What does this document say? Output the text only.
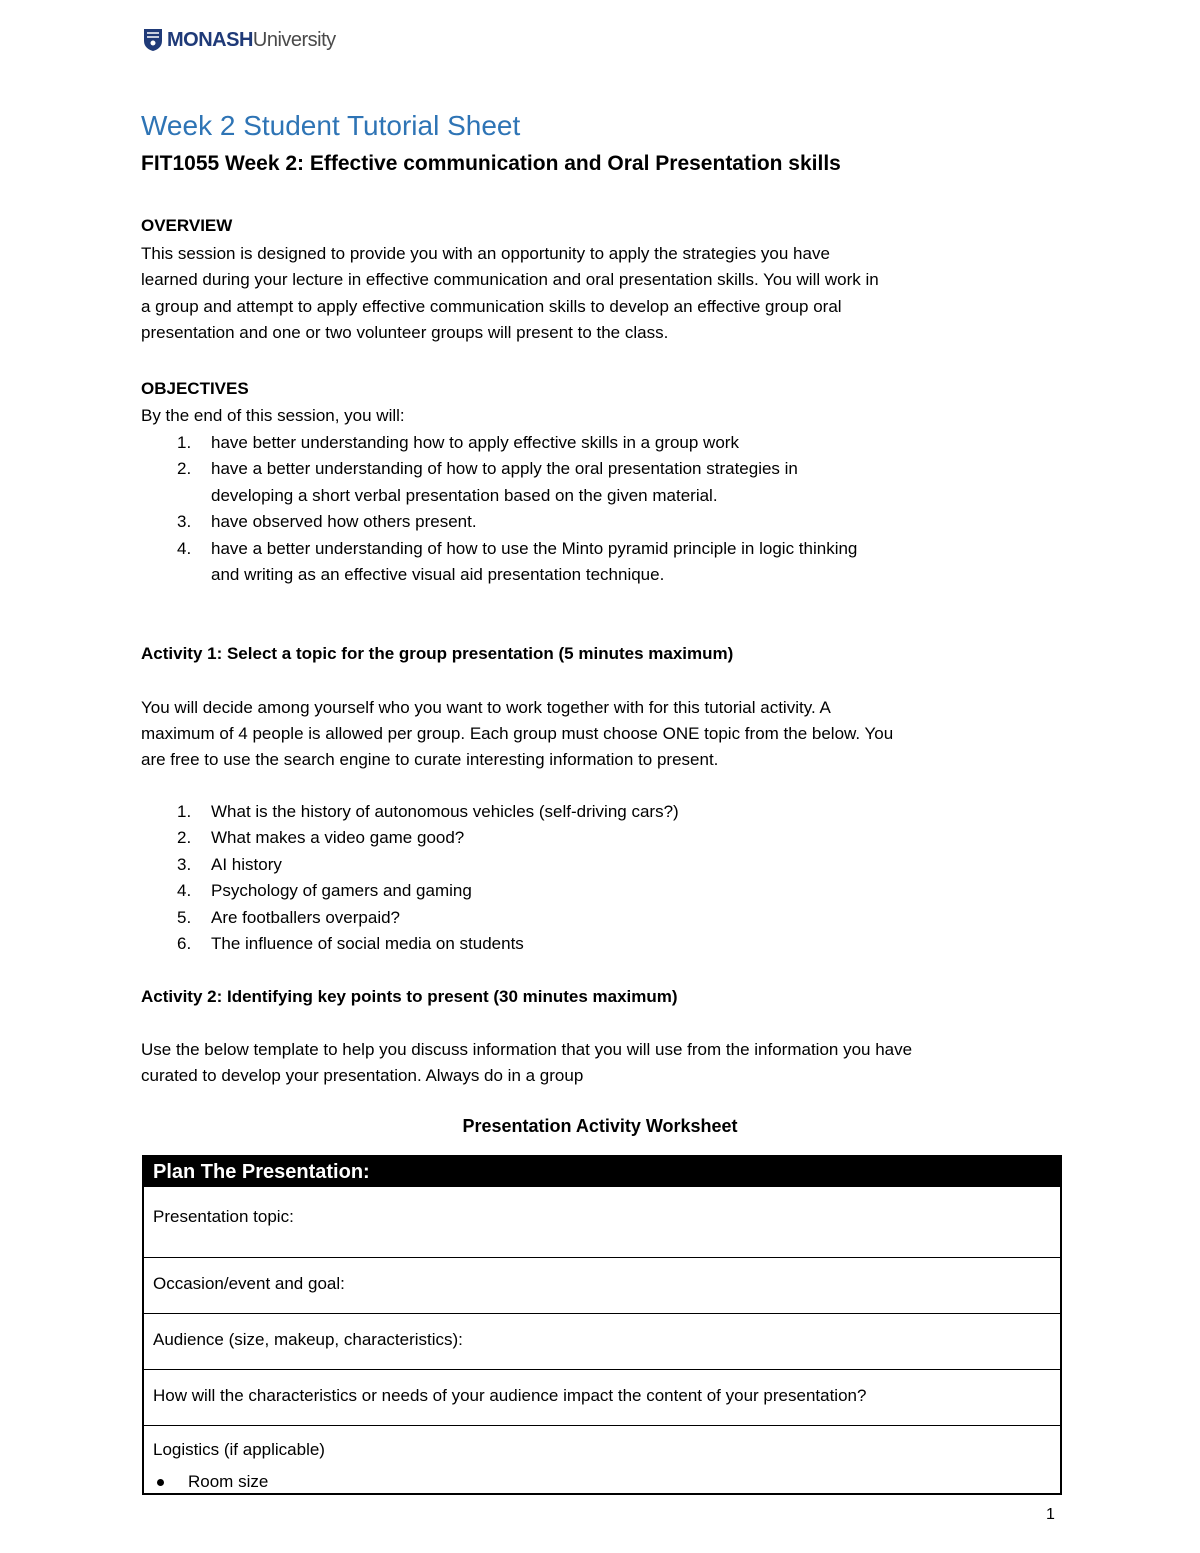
MONASH University
Week 2 Student Tutorial Sheet
FIT1055 Week 2: Effective communication and Oral Presentation skills
OVERVIEW
This session is designed to provide you with an opportunity to apply the strategies you have
learned during your lecture in effective communication and oral presentation skills. You will work in
a group and attempt to apply effective communication skills to develop an effective group oral
presentation and one or two volunteer groups will present to the class.
OBJECTIVES
By the end of this session, you will:
1. have better understanding how to apply effective skills in a group work
2. have a better understanding of how to apply the oral presentation strategies in
developing a short verbal presentation based on the given material.
3. have observed how others present.
4. have a better understanding of how to use the Minto pyramid principle in logic thinking
and writing as an effective visual aid presentation technique.
Activity 1: Select a topic for the group presentation (5 minutes maximum)
You will decide among yourself who you want to work together with for this tutorial activity. A
maximum of 4 people is allowed per group. Each group must choose ONE topic from the below. You
are free to use the search engine to curate interesting information to present.
1. What is the history of autonomous vehicles (self-driving cars?)
2. What makes a video game good?
3. AI history
4. Psychology of gamers and gaming
5. Are footballers overpaid?
6. The influence of social media on students
Activity 2: Identifying key points to present (30 minutes maximum)
Use the below template to help you discuss information that you will use from the information you have
curated to develop your presentation. Always do in a group
Presentation Activity Worksheet
Plan The Presentation:
Presentation topic:
Occasion/event and goal:
Audience (size, makeup, characteristics):
How will the characteristics or needs of your audience impact the content of your presentation?
Logistics (if applicable)
Room size
1
